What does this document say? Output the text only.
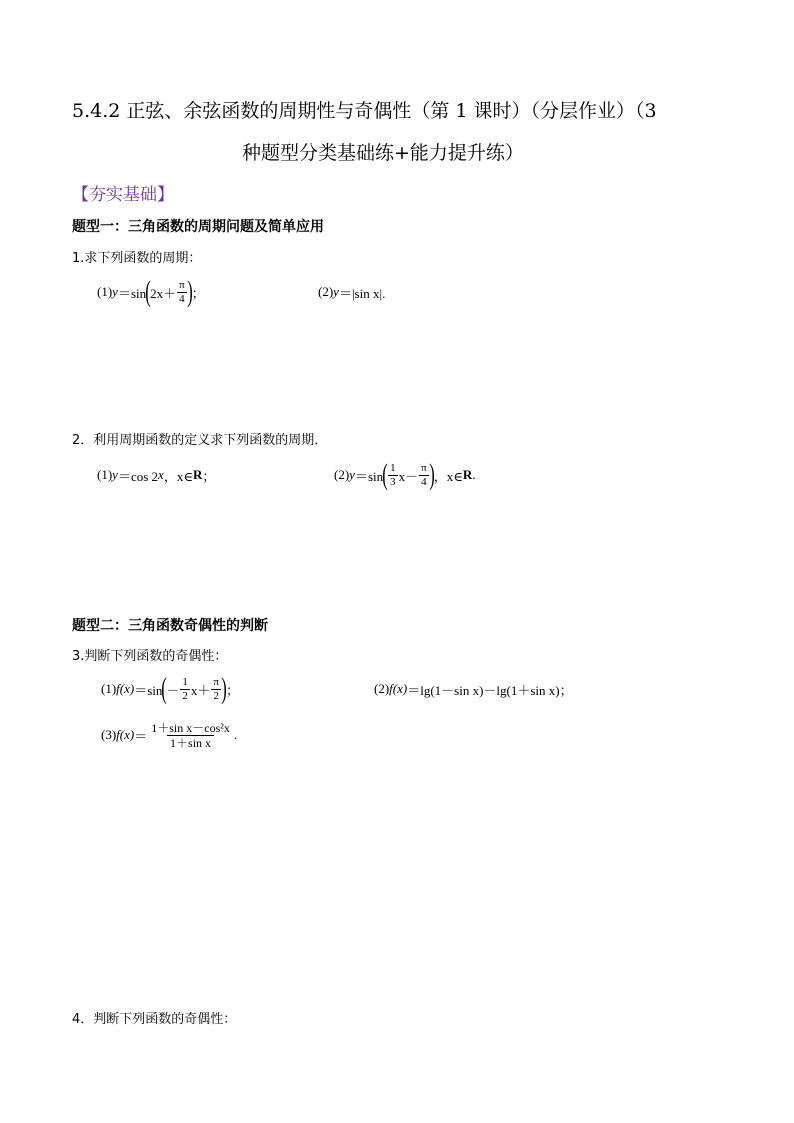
5.4.2 正弦、余弦函数的周期性与奇偶性（第 1 课时）（分层作业）（3
种题型分类基础练+能力提升练）
【夯实基础】
题型一：三角函数的周期问题及简单应用
1.求下列函数的周期：
(1) y ＝sin ( $2x+ \frac{\pi}{4}$ ) ；	(2) y ＝|sin x|.
2．利用周期函数的定义求下列函数的周期．
(1) y ＝cos 2 x ，x∈ R ；	(2) y ＝sin ( $\frac{1}{3} x- \frac{\pi}{4}$ ) ，x∈ R .
题型二：三角函数奇偶性的判断
3.判断下列函数的奇偶性：
(1) f(x) ＝sin ( － $\frac{1}{2} x+ \frac{\pi}{2}$ ) ；	(2) f(x) ＝lg(1－sin x)－lg(1＋sin x)；
(3) $f(x) = \frac{\text{1＋sin x－cos²x}}{\text{1＋sin x}}$ .
4．判断下列函数的奇偶性：
